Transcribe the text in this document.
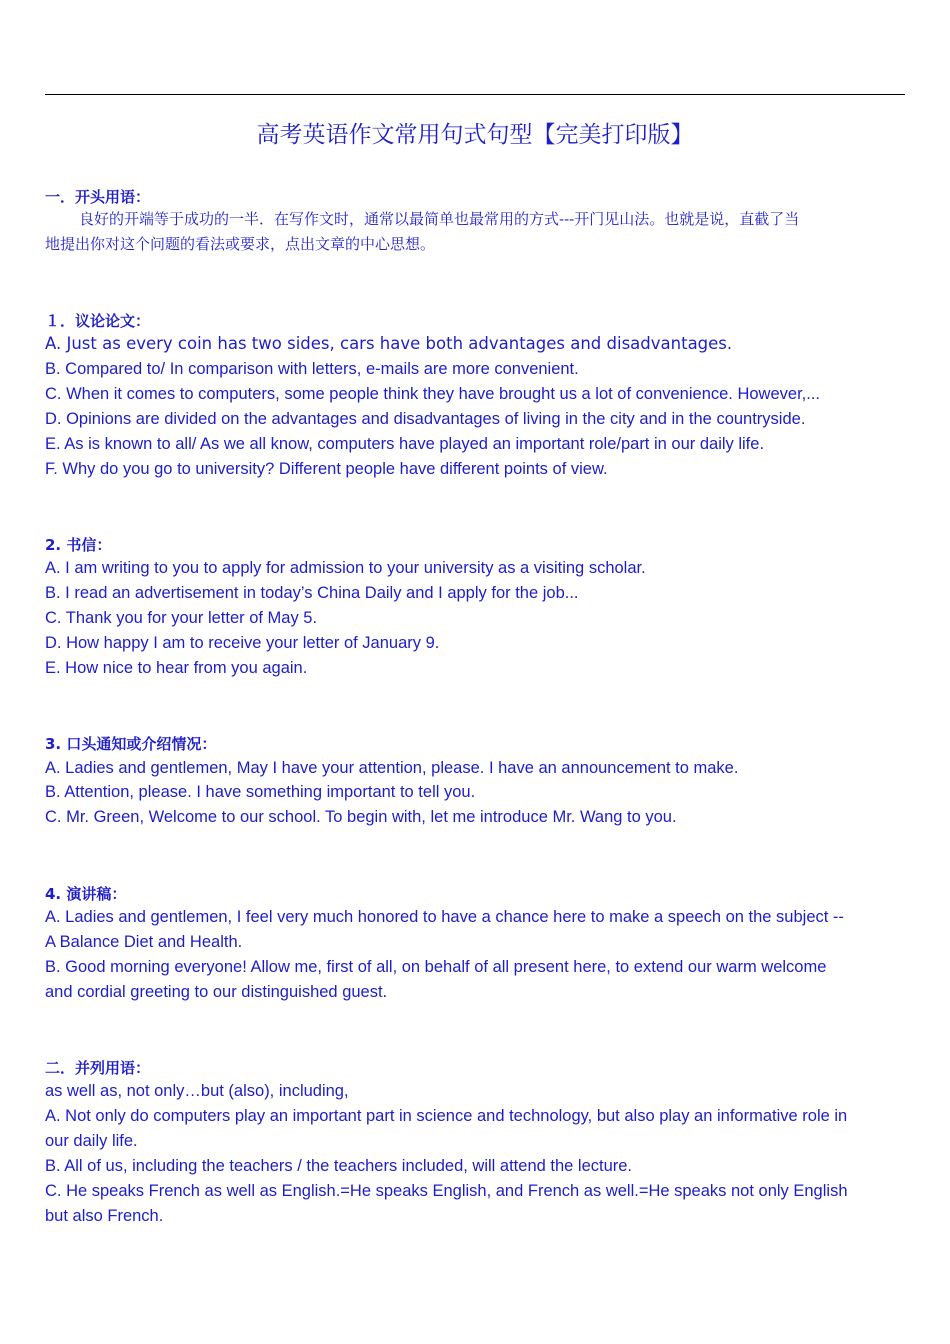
高考英语作文常用句式句型【完美打印版】
一．开头用语：

良好的开端等于成功的一半．在写作文时，通常以最简单也最常用的方式---开门见山法。也就是说，直截了当

地提出你对这个问题的看法或要求，点出文章的中心思想。

１．议论论文：
A. Just as every coin has two sides, cars have both advantages and disadvantages.
B. Compared to/ In comparison with letters, e-mails are more convenient.
C. When it comes to computers, some people think they have brought us a lot of convenience. However,...
D. Opinions are divided on the advantages and disadvantages of living in the city and in the countryside.
E. As is known to all/ As we all know, computers have played an important role/part in our daily life.
F. Why do you go to university? Different people have different points of view.
2. 书信：
A. I am writing to you to apply for admission to your university as a visiting scholar.
B. I read an advertisement in today’s China Daily and I apply for the job...
C. Thank you for your letter of May 5.
D. How happy I am to receive your letter of January 9.
E. How nice to hear from you again.
3. 口头通知或介绍情况：
A. Ladies and gentlemen, May I have your attention, please. I have an announcement to make.
B. Attention, please. I have something important to tell you.
C. Mr. Green, Welcome to our school. To begin with, let me introduce Mr. Wang to you.
4. 演讲稿：
A. Ladies and gentlemen, I feel very much honored to have a chance here to make a speech on the subject --
A Balance Diet and Health.
B. Good morning everyone! Allow me, first of all, on behalf of all present here, to extend our warm welcome
and cordial greeting to our distinguished guest.
二．并列用语：
as well as, not only…but (also), including,
A. Not only do computers play an important part in science and technology, but also play an informative role in
our daily life.
B. All of us, including the teachers / the teachers included, will attend the lecture.
C. He speaks French as well as English.=He speaks English, and French as well.=He speaks not only English
but also French.
